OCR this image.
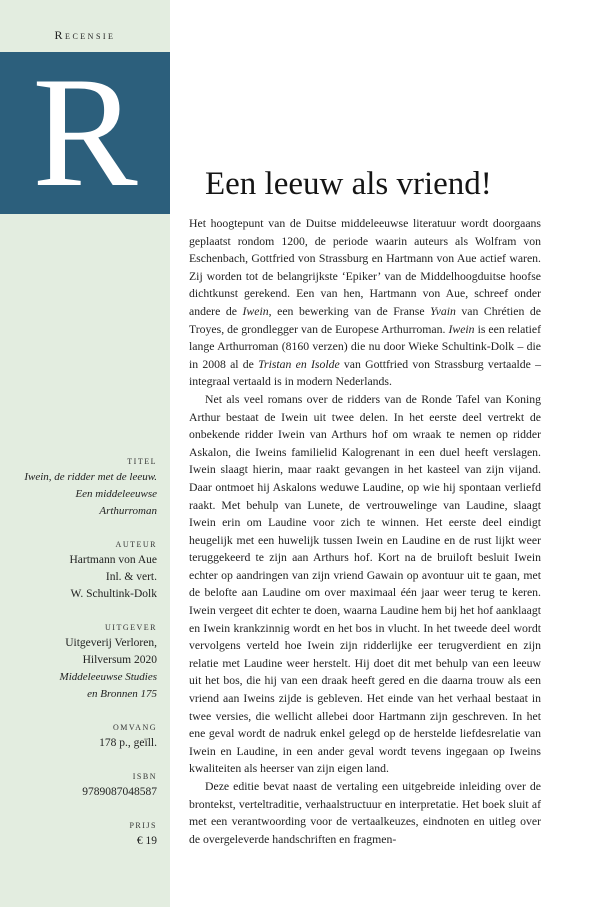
Recensie
R
TITEL
Iwein, de ridder met de leeuw.
Een middeleeuwse
Arthurroman
AUTEUR
Hartmann von Aue
Inl. & vert.
W. Schultink-Dolk
UITGEVER
Uitgeverij Verloren,
Hilversum 2020
Middeleeuwse Studies
en Bronnen 175
OMVANG
178 p., geïll.
ISBN
9789087048587
PRIJS
€ 19
Een leeuw als vriend!

Het hoogtepunt van de Duitse middeleeuwse literatuur wordt doorgaans geplaatst rondom 1200, de periode waarin auteurs als Wolfram von Eschenbach, Gottfried von Strassburg en Hartmann von Aue actief waren. Zij worden tot de belangrijkste ‘Epiker’ van de Middelhoogduitse hoofse dichtkunst gerekend. Een van hen, Hartmann von Aue, schreef onder andere de Iwein, een bewerking van de Franse Yvain van Chrétien de Troyes, de grondlegger van de Europese Arthurroman. Iwein is een relatief lange Arthurroman (8160 verzen) die nu door Wieke Schultink-Dolk – die in 2008 al de Tristan en Isolde van Gottfried von Strassburg vertaalde –integraal vertaald is in modern Nederlands.

Net als veel romans over de ridders van de Ronde Tafel van Koning Arthur bestaat de Iwein uit twee delen. In het eerste deel vertrekt de onbekende ridder Iwein van Arthurs hof om wraak te nemen op ridder Askalon, die Iweins familielid Kalogrenant in een duel heeft verslagen. Iwein slaagt hierin, maar raakt gevangen in het kasteel van zijn vijand. Daar ontmoet hij Askalons weduwe Laudine, op wie hij spontaan verliefd raakt. Met behulp van Lunete, de vertrouwelinge van Laudine, slaagt Iwein erin om Laudine voor zich te winnen. Het eerste deel eindigt heugelijk met een huwelijk tussen Iwein en Laudine en de rust lijkt weer teruggekeerd te zijn aan Arthurs hof. Kort na de bruiloft besluit Iwein echter op aandringen van zijn vriend Gawain op avontuur uit te gaan, met de belofte aan Laudine om over maximaal één jaar weer terug te keren. Iwein vergeet dit echter te doen, waarna Laudine hem bij het hof aanklaagt en Iwein krankzinnig wordt en het bos in vlucht. In het tweede deel wordt vervolgens verteld hoe Iwein zijn ridderlijke eer terugverdient en zijn relatie met Laudine weer herstelt. Hij doet dit met behulp van een leeuw uit het bos, die hij van een draak heeft gered en die daarna trouw als een vriend aan Iweins zijde is gebleven. Het einde van het verhaal bestaat in twee versies, die wellicht allebei door Hartmann zijn geschreven. In het ene geval wordt de nadruk enkel gelegd op de herstelde liefdesrelatie van Iwein en Laudine, in een ander geval wordt tevens ingegaan op Iweins kwaliteiten als heerser van zijn eigen land.

Deze editie bevat naast de vertaling een uitgebreide inleiding over de brontekst, verteltraditie, verhaalstructuur en interpretatie. Het boek sluit af met een verantwoording voor de vertaalkeuzes, eindnoten en uitleg over de overgeleverde handschriften en fragmen-
